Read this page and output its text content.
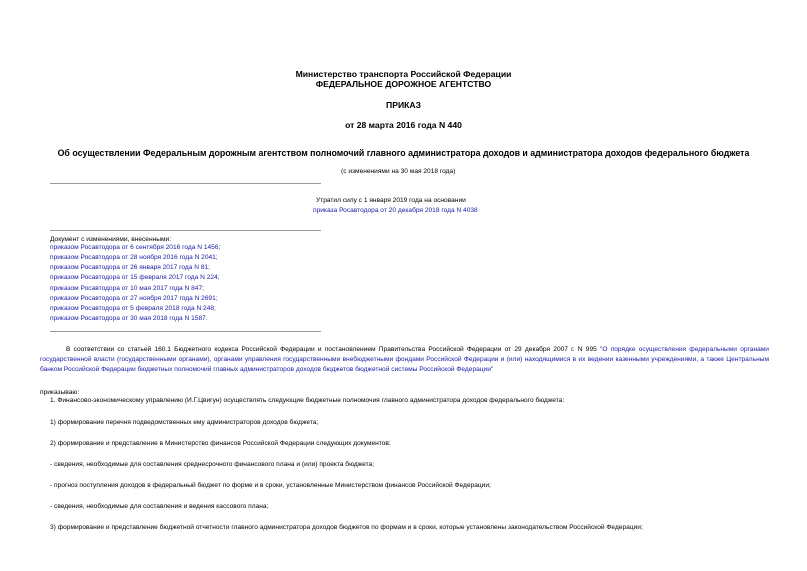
Министерство транспорта Российской Федерации
ФЕДЕРАЛЬНОЕ ДОРОЖНОЕ АГЕНТСТВО
ПРИКАЗ
от 28 марта 2016 года N 440
Об осуществлении Федеральным дорожным агентством полномочий главного администратора доходов и администратора доходов федерального бюджета
(с изменениями на 30 мая 2018 года)
Утратил силу с 1 января 2019 года на основании
приказа Росавтодора от 20 декабря 2018 года N 4038
Документ с изменениями, внесенными:
приказом Росавтодора от 6 сентября 2016 года N 1456;
приказом Росавтодора от 28 ноября 2016 года N 2041;
приказом Росавтодора от 26 января 2017 года N 81;
приказом Росавтодора от 15 февраля 2017 года N 224;
приказом Росавтодора от 10 мая 2017 года N 847;
приказом Росавтодора от 27 ноября 2017 года N 2691;
приказом Росавтодора от 5 февраля 2018 года N 248;
приказом Росавтодора от 30 мая 2018 года N 1587.
В соответствии со статьей 160.1 Бюджетного кодекса Российской Федерации и постановлением Правительства Российской Федерации от 29 декабря 2007 г. N 995 "О порядке осуществления федеральными органами государственной власти (государственными органами), органами управления государственными внебюджетными фондами Российской Федерации и (или) находящимися в их ведении казенными учреждениями, а также Центральным банком Российской Федерации бюджетных полномочий главных администраторов доходов бюджетов бюджетной системы Российской Федерации"
приказываю:
1. Финансово-экономическому управлению (И.Г.Цвигун) осуществлять следующие бюджетные полномочия главного администратора доходов федерального бюджета:
1) формирование перечня подведомственных ему администраторов доходов бюджета;
2) формирование и представление в Министерство финансов Российской Федерации следующих документов:
- сведения, необходимые для составления среднесрочного финансового плана и (или) проекта бюджета;
- прогноз поступления доходов в федеральный бюджет по форме и в сроки, установленные Министерством финансов Российской Федерации;
- сведения, необходимые для составления и ведения кассового плана;
3) формирование и представление бюджетной отчетности главного администратора доходов бюджетов по формам и в сроки, которые установлены законодательством Российской Федерации;
